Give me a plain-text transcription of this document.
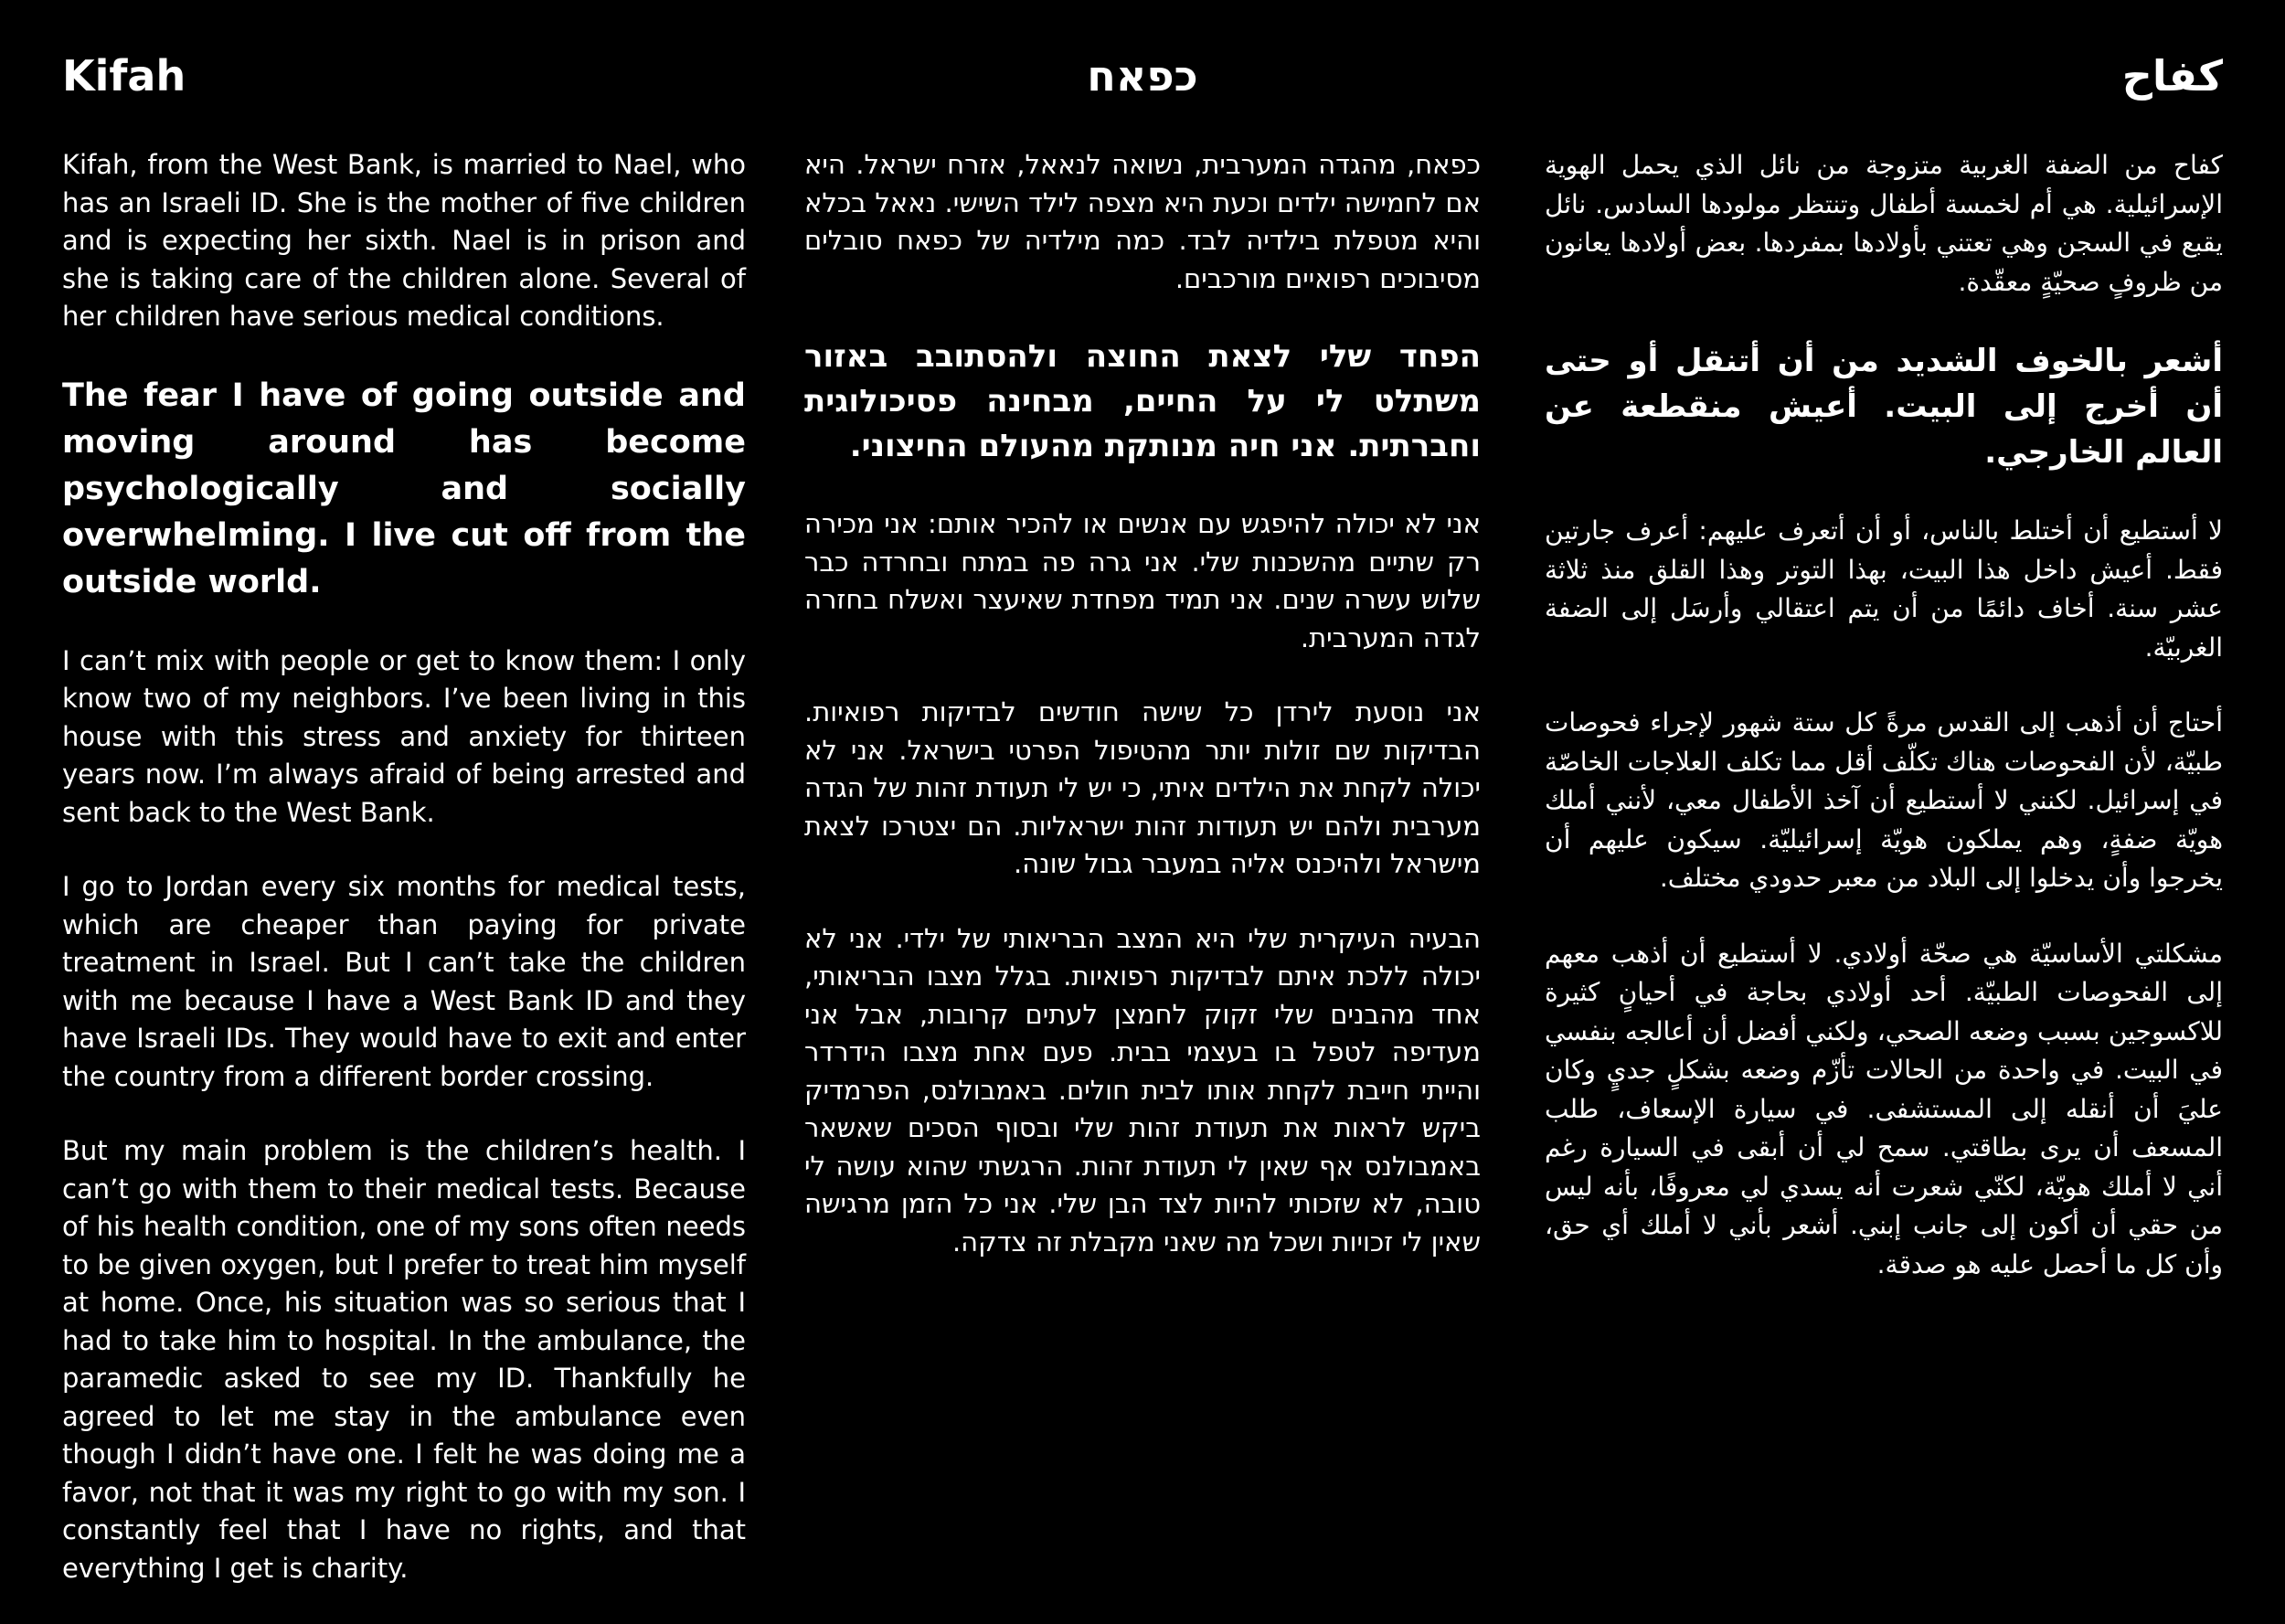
Kifah

Kifah, from the West Bank, is married to Nael, who has an Israeli ID. She is the mother of five children and is expecting her sixth. Nael is in prison and she is taking care of the children alone. Several of her children have serious medical conditions.

The fear I have of going outside and moving around has become psychologically and socially overwhelming. I live cut off from the outside world.

I can’t mix with people or get to know them: I only know two of my neighbors. I’ve been living in this house with this stress and anxiety for thirteen years now. I’m always afraid of being arrested and sent back to the West Bank.

I go to Jordan every six months for medical tests, which are cheaper than paying for private treatment in Israel. But I can’t take the children with me because I have a West Bank ID and they have Israeli IDs. They would have to exit and enter the country from a different border crossing.

But my main problem is the children’s health. I can’t go with them to their medical tests. Because of his health condition, one of my sons often needs to be given oxygen, but I prefer to treat him myself at home. Once, his situation was so serious that I had to take him to hospital. In the ambulance, the paramedic asked to see my ID. Thankfully he agreed to let me stay in the ambulance even though I didn’t have one. I felt he was doing me a favor, not that it was my right to go with my son. I constantly feel that I have no rights, and that everything I get is charity.

כפאח

כפאח, מהגדה המערבית, נשואה לנאאל, אזרח ישראל. היא אם לחמישה ילדים וכעת היא מצפה לילד השישי. נאאל בכלא והיא מטפלת בילדיה לבד. כמה מילדיה של כפאח סובלים מסיבוכים רפואיים מורכבים.

הפחד שלי לצאת החוצה ולהסתובב באזור משתלט לי על החיים, מבחינה פסיכולוגית וחברתית. אני חיה מנותקת מהעולם החיצוני.

אני לא יכולה להיפגש עם אנשים או להכיר אותם: אני מכירה רק שתיים מהשכנות שלי. אני גרה פה במתח ובחרדה כבר שלוש עשרה שנים. אני תמיד מפחדת שאיעצר ואשלח בחזרה לגדה המערבית.

אני נוסעת לירדן כל שישה חודשים לבדיקות רפואיות. הבדיקות שם זולות יותר מהטיפול הפרטי בישראל. אני לא יכולה לקחת את הילדים איתי, כי יש לי תעודת זהות של הגדה מערבית ולהם יש תעודות זהות ישראליות. הם יצטרכו לצאת מישראל ולהיכנס אליה במעבר גבול שונה.

הבעיה העיקרית שלי היא המצב הבריאותי של ילדי. אני לא יכולה ללכת איתם לבדיקות רפואיות. בגלל מצבו הבריאותי, אחד מהבנים שלי זקוק לחמצן לעתים קרובות, אבל אני מעדיפה לטפל בו בעצמי בבית. פעם אחת מצבו הידרדר והייתי חייבת לקחת אותו לבית חולים. באמבולנס, הפרמדיק ביקש לראות את תעודת זהות שלי ובסוף הסכים שאשאר באמבולנס אף שאין לי תעודת זהות. הרגשתי שהוא עושה לי טובה, לא שזכותי להיות לצד הבן שלי. אני כל הזמן מרגישה שאין לי זכויות ושכל מה שאני מקבלת זה צדקה.

كفاح

كفاح من الضفة الغربية متزوجة من نائل الذي يحمل الهوية الإسرائيلية. هي أم لخمسة أطفال وتنتظر مولودها السادس. نائل يقبع في السجن وهي تعتني بأولادها بمفردها. بعض أولادها يعانون من ظروفٍ صحيّةٍ معقّدة.

أشعر بالخوف الشديد من أن أتنقل أو حتى أن أخرج إلى البيت. أعيش منقطعة عن العالم الخارجي.

لا أستطيع أن أختلط بالناس، أو أن أتعرف عليهم: أعرف جارتين فقط. أعيش داخل هذا البيت، بهذا التوتر وهذا القلق منذ ثلاثة عشر سنة. أخاف دائمًا من أن يتم اعتقالي وأرسَل إلى الضفة الغربيّة.

أحتاج أن أذهب إلى القدس مرةً كل ستة شهور لإجراء فحوصات طبيّة، لأن الفحوصات هناك تكلّف أقل مما تكلف العلاجات الخاصّة في إسرائيل. لكنني لا أستطيع أن آخذ الأطفال معي، لأنني أملك هويّة ضفةٍ، وهم يملكون هويّة إسرائيليّة. سيكون عليهم أن يخرجوا وأن يدخلوا إلى البلاد من معبر حدودي مختلف.

مشكلتي الأساسيّة هي صحّة أولادي. لا أستطيع أن أذهب معهم إلى الفحوصات الطبيّة. أحد أولادي بحاجة في أحيانٍ كثيرة للاكسوجين بسبب وضعه الصحي، ولكني أفضل أن أعالجه بنفسي في البيت. في واحدة من الحالات تأزّم وضعه بشكلٍ جديٍ وكان عليَ أن أنقله إلى المستشفى. في سيارة الإسعاف، طلب المسعف أن يرى بطاقتي. سمح لي أن أبقى في السيارة رغم أني لا أملك هويّة، لكنّي شعرت أنه يسدي لي معروفًا، بأنه ليس من حقي أن أكون إلى جانب إبني. أشعر بأني لا أملك أي حق، وأن كل ما أحصل عليه هو صدقة.
